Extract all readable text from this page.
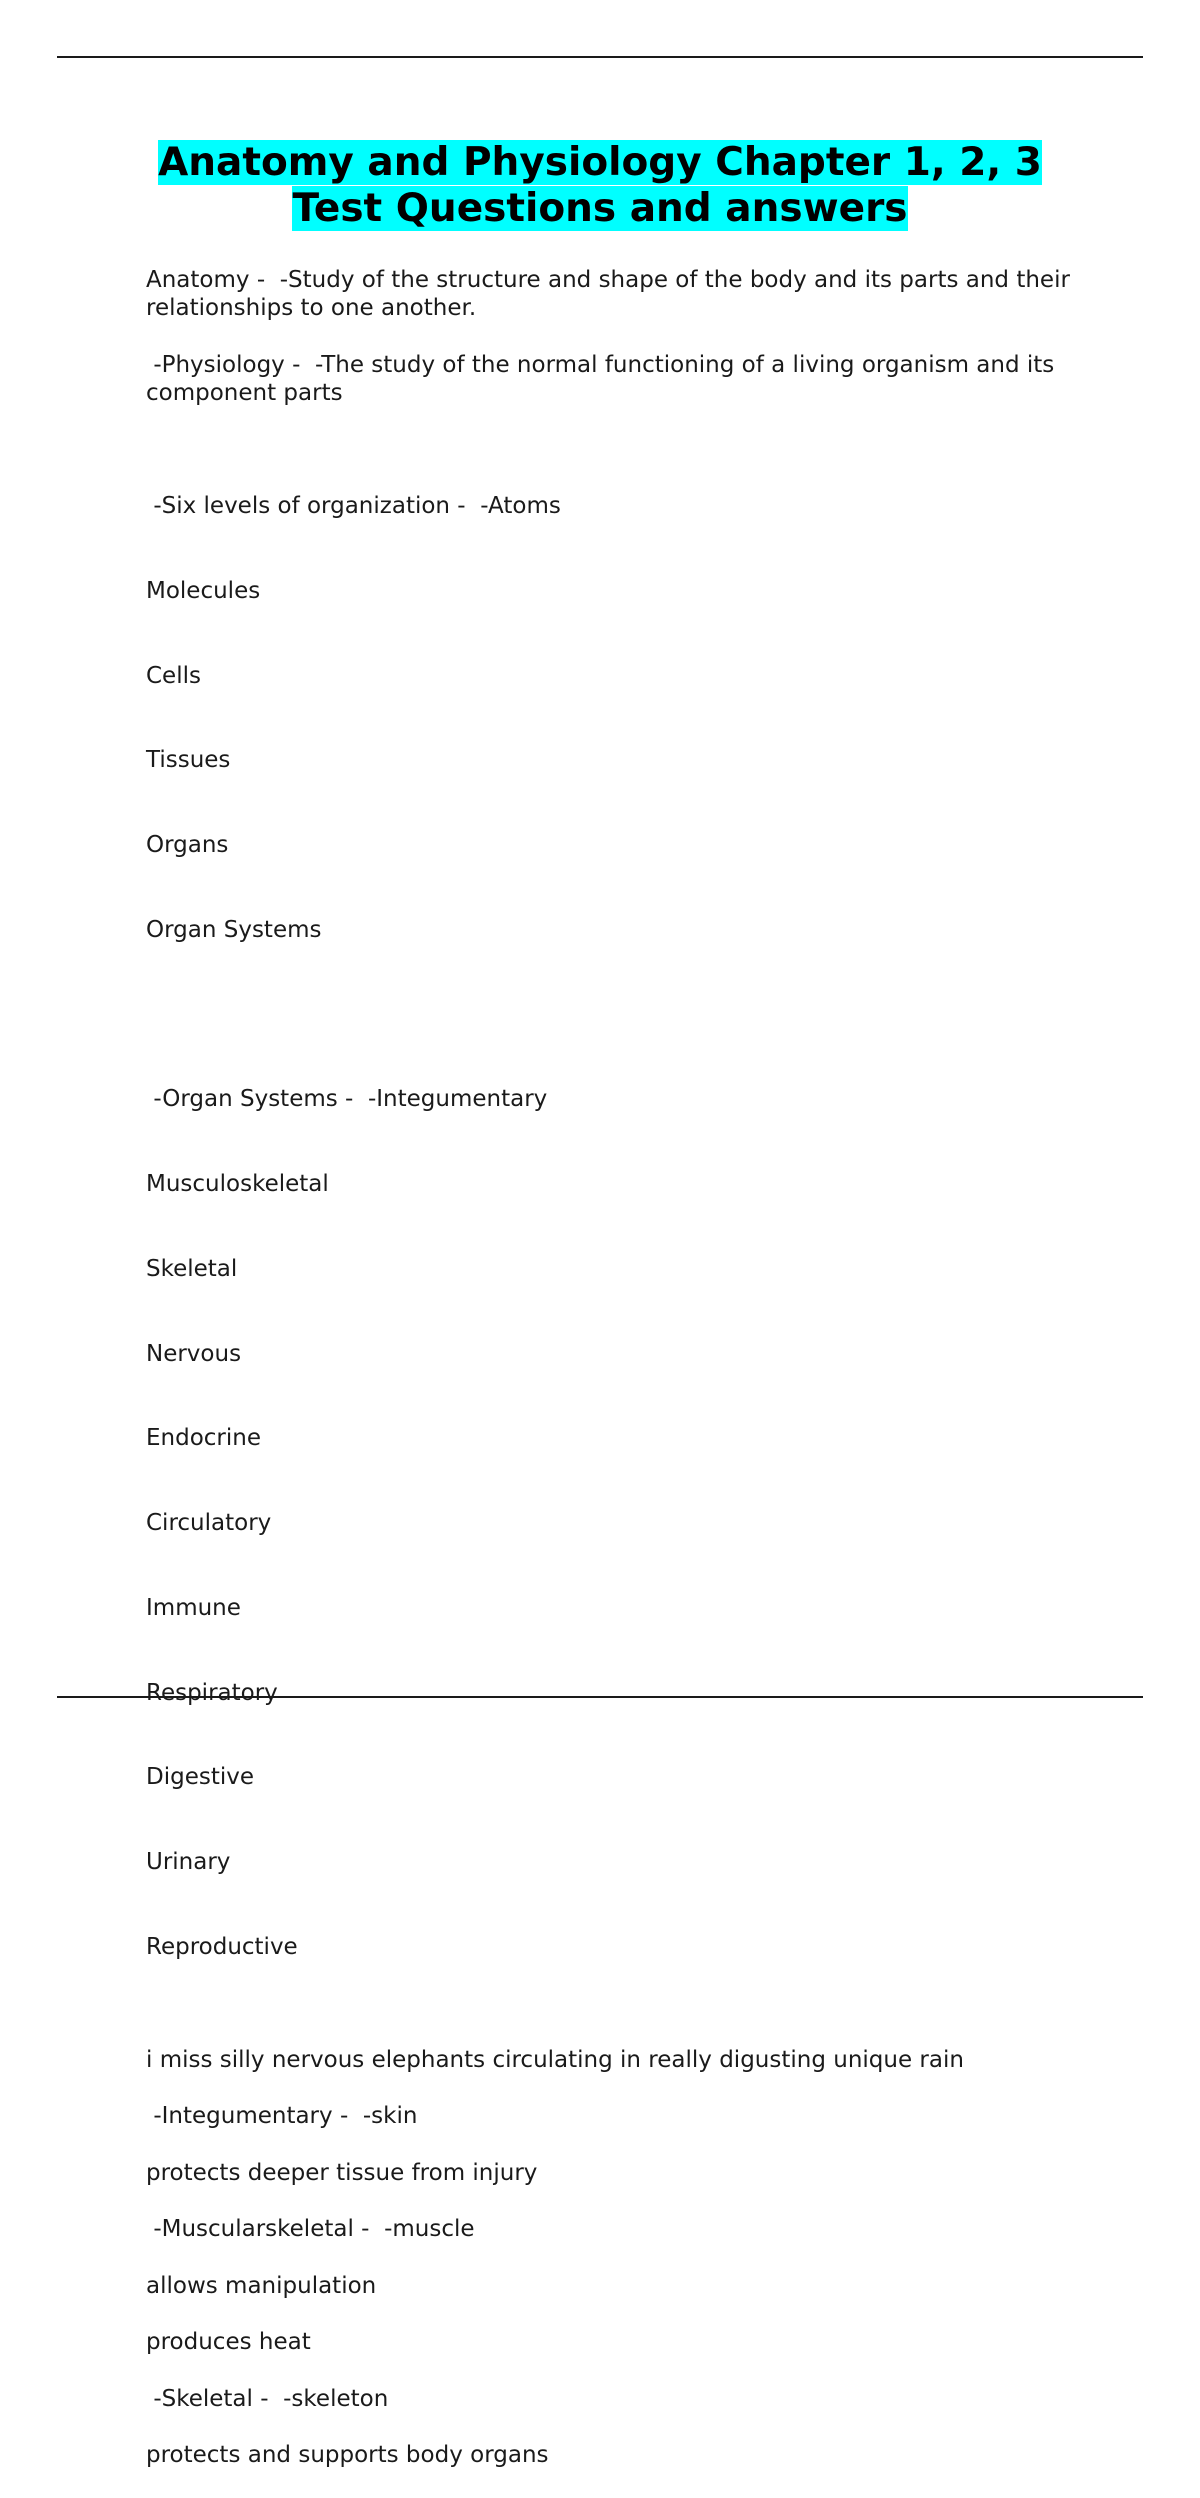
Anatomy and Physiology Chapter 1, 2, 3
Test Questions and answers

Anatomy -  -Study of the structure and shape of the body and its parts and their relationships to one another.

-Physiology -  -The study of the normal functioning of a living organism and its component parts

-Six levels of organization -  -Atoms

Molecules

Cells

Tissues

Organs

Organ Systems

-Organ Systems -  -Integumentary

Musculoskeletal

Skeletal

Nervous

Endocrine

Circulatory

Immune

Respiratory

Digestive

Urinary

Reproductive

i miss silly nervous elephants circulating in really digusting unique rain

-Integumentary -  -skin

protects deeper tissue from injury

-Muscularskeletal -  -muscle

allows manipulation

produces heat

-Skeletal -  -skeleton

protects and supports body organs
